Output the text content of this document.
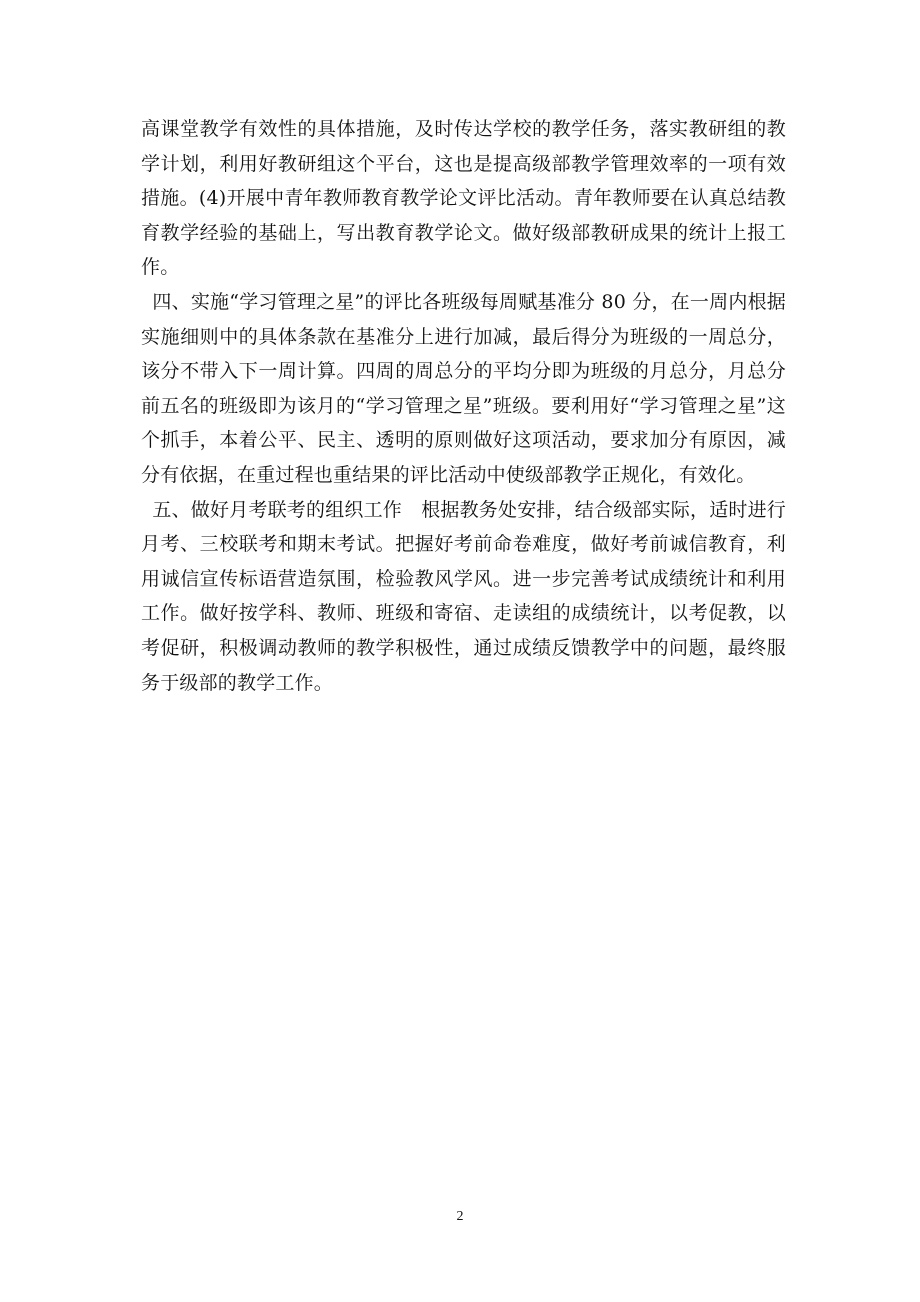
高课堂教学有效性的具体措施，及时传达学校的教学任务，落实教研组的教学计划，利用好教研组这个平台，这也是提高级部教学管理效率的一项有效措施。(4)开展中青年教师教育教学论文评比活动。青年教师要在认真总结教育教学经验的基础上，写出教育教学论文。做好级部教研成果的统计上报工作。

四、实施“学习管理之星”的评比各班级每周赋基准分 80 分，在一周内根据实施细则中的具体条款在基准分上进行加减，最后得分为班级的一周总分，该分不带入下一周计算。四周的周总分的平均分即为班级的月总分，月总分前五名的班级即为该月的“学习管理之星”班级。要利用好“学习管理之星”这个抓手，本着公平、民主、透明的原则做好这项活动，要求加分有原因，减分有依据，在重过程也重结果的评比活动中使级部教学正规化，有效化。

五、做好月考联考的组织工作　根据教务处安排，结合级部实际，适时进行月考、三校联考和期末考试。把握好考前命卷难度，做好考前诚信教育，利用诚信宣传标语营造氛围，检验教风学风。进一步完善考试成绩统计和利用工作。做好按学科、教师、班级和寄宿、走读组的成绩统计，以考促教，以考促研，积极调动教师的教学积极性，通过成绩反馈教学中的问题，最终服务于级部的教学工作。

2
